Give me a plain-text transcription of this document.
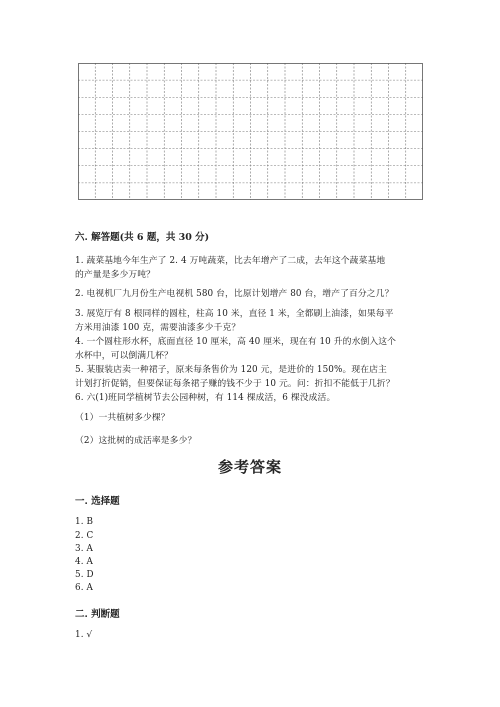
六. 解答题(共 6 题，共 30 分)
1. 蔬菜基地今年生产了 2. 4 万吨蔬菜，比去年增产了二成，去年这个蔬菜基地
的产量是多少万吨？
2. 电视机厂九月份生产电视机 580 台，比原计划增产 80 台，增产了百分之几？
3. 展览厅有 8 根同样的圆柱，柱高 10 米，直径 1 米，全都刷上油漆，如果每平
方米用油漆 100 克，需要油漆多少千克？
4. 一个圆柱形水杯，底面直径 10 厘米，高 40 厘米，现在有 10 升的水倒入这个
水杯中，可以倒满几杯？
5. 某服装店卖一种裙子，原来每条售价为 120 元，是进价的 150%。现在店主
计划打折促销，但要保证每条裙子赚的钱不少于 10 元。问：折扣不能低于几折？
6. 六(1)班同学植树节去公园种树，有 114 棵成活，6 棵没成活。
（1）一共植树多少棵？
（2）这批树的成活率是多少？
参考答案
一. 选择题
1. B
2. C
3. A
4. A
5. D
6. A
二. 判断题
1. √
